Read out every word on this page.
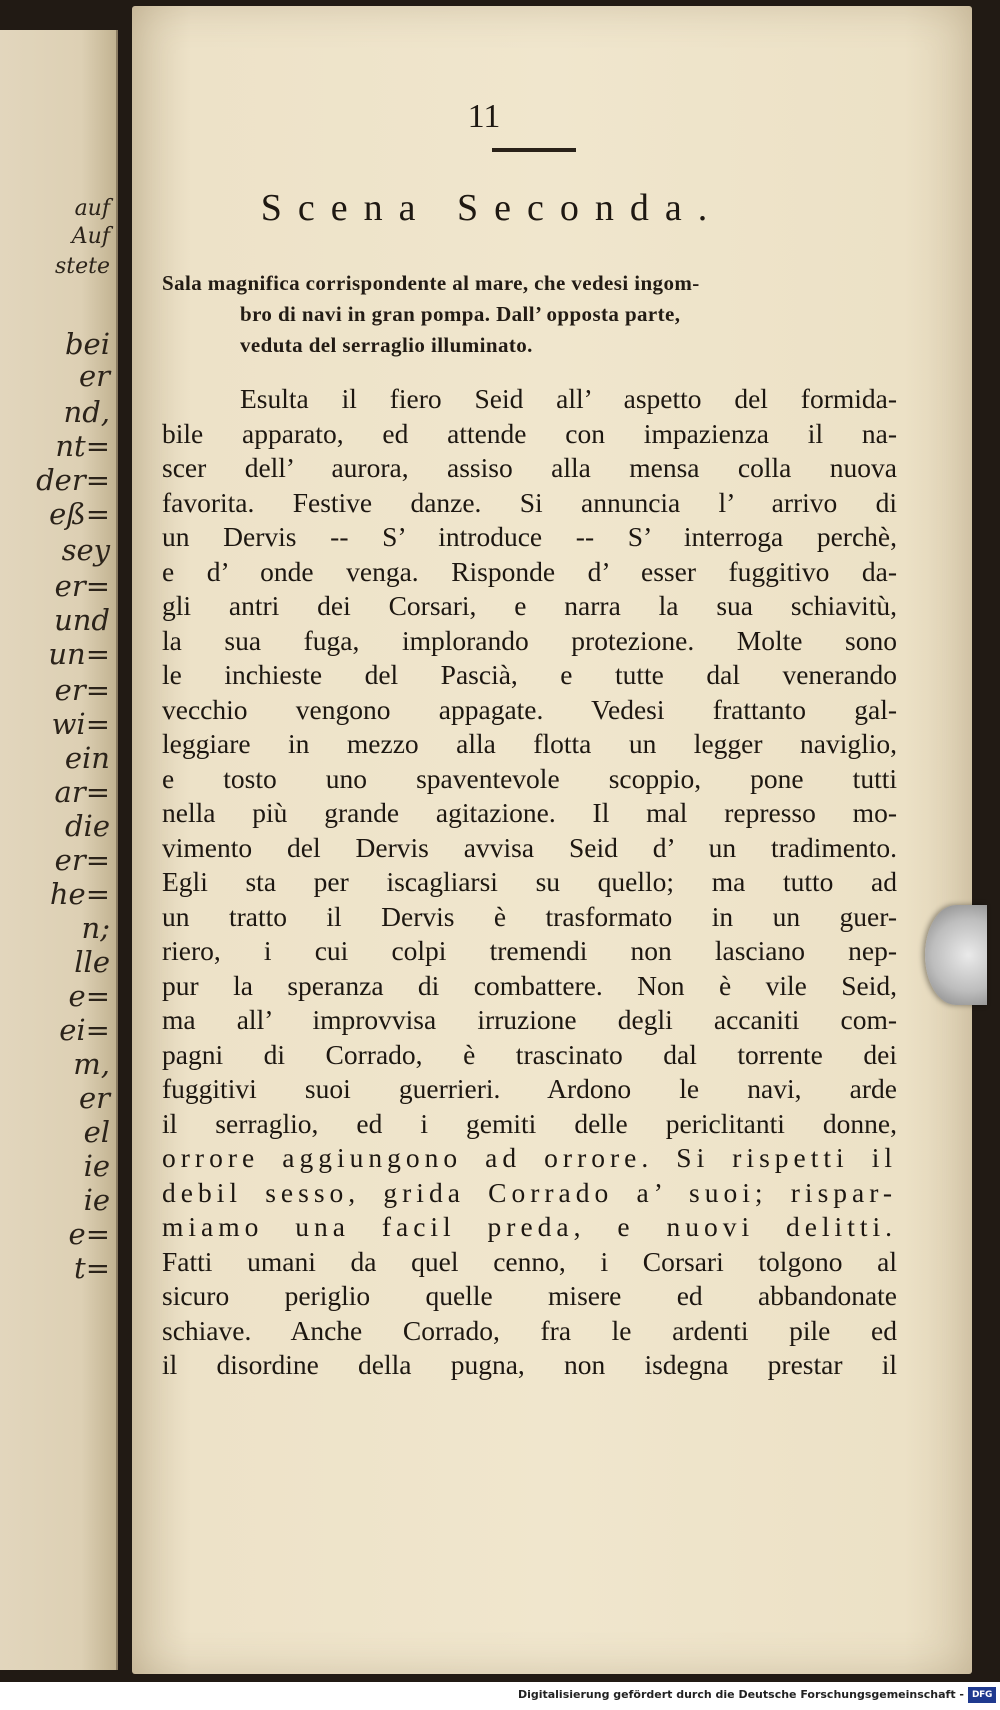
auf
Auf
stete
bei
er
nd,
nt=
der=
eß=
sey
er=
und
un=
er=
wi=
ein
ar=
die
er=
he=
n;
lle
e=
ei=
m,
er
el
ie
ie
e=
t=
11
Scena Seconda.
Sala magnifica corrispondente al mare, che vedesi ingom-
bro di navi in gran pompa. Dall’ opposta parte,
veduta del serraglio illuminato.
Esulta il fiero Seid all’ aspetto del formida-
bile apparato, ed attende con impazienza il na-
scer dell’ aurora, assiso alla mensa colla nuova
favorita. Festive danze. Si annuncia l’ arrivo di
un Dervis -- S’ introduce -- S’ interroga perchè,
e d’ onde venga. Risponde d’ esser fuggitivo da-
gli antri dei Corsari, e narra la sua schiavitù,
la sua fuga, implorando protezione. Molte sono
le inchieste del Pascià, e tutte dal venerando
vecchio vengono appagate. Vedesi frattanto gal-
leggiare in mezzo alla flotta un legger naviglio,
e tosto uno spaventevole scoppio, pone tutti
nella più grande agitazione. Il mal represso mo-
vimento del Dervis avvisa Seid d’ un tradimento.
Egli sta per iscagliarsi su quello; ma tutto ad
un tratto il Dervis è trasformato in un guer-
riero, i cui colpi tremendi non lasciano nep-
pur la speranza di combattere. Non è vile Seid,
ma all’ improvvisa irruzione degli accaniti com-
pagni di Corrado, è trascinato dal torrente dei
fuggitivi suoi guerrieri. Ardono le navi, arde
il serraglio, ed i gemiti delle periclitanti donne,
orrore aggiungono ad orrore. Si rispetti il
debil sesso, grida Corrado a’ suoi; rispar-
miamo una facil preda, e nuovi delitti.
Fatti umani da quel cenno, i Corsari tolgono al
sicuro periglio quelle misere ed abbandonate
schiave. Anche Corrado, fra le ardenti pile ed
il disordine della pugna, non isdegna prestar il
Digitalisierung gefördert durch die Deutsche Forschungsgemeinschaft - DFG
